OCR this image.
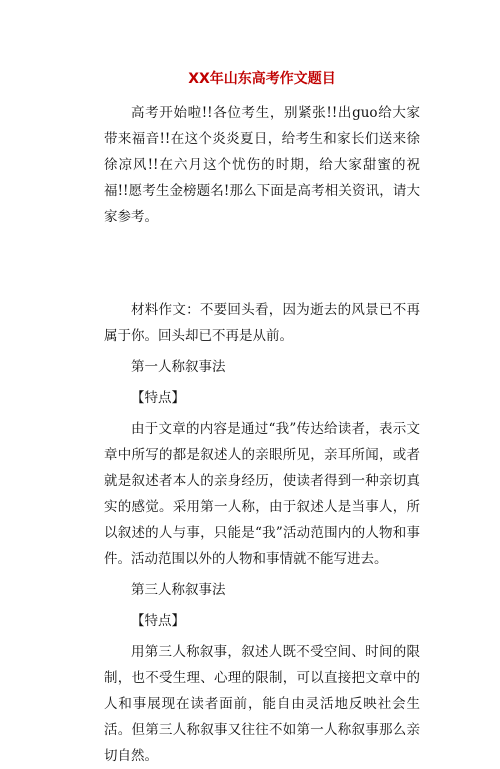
XX年山东高考作文题目

高考开始啦!!各位考生，别紧张!!出guo给大家带来福音!!在这个炎炎夏日，给考生和家长们送来徐徐凉风!!在六月这个忧伤的时期，给大家甜蜜的祝福!!愿考生金榜题名!那么下面是高考相关资讯，请大家参考。

材料作文：不要回头看，因为逝去的风景已不再属于你。回头却已不再是从前。

第一人称叙事法

【特点】

由于文章的内容是通过“我”传达给读者，表示文章中所写的都是叙述人的亲眼所见，亲耳所闻，或者就是叙述者本人的亲身经历，使读者得到一种亲切真实的感觉。采用第一人称，由于叙述人是当事人，所以叙述的人与事，只能是“我”活动范围内的人物和事件。活动范围以外的人物和事情就不能写进去。

第三人称叙事法

【特点】

用第三人称叙事，叙述人既不受空间、时间的限制，也不受生理、心理的限制，可以直接把文章中的人和事展现在读者面前，能自由灵活地反映社会生活。但第三人称叙事又往往不如第一人称叙事那么亲切自然。
